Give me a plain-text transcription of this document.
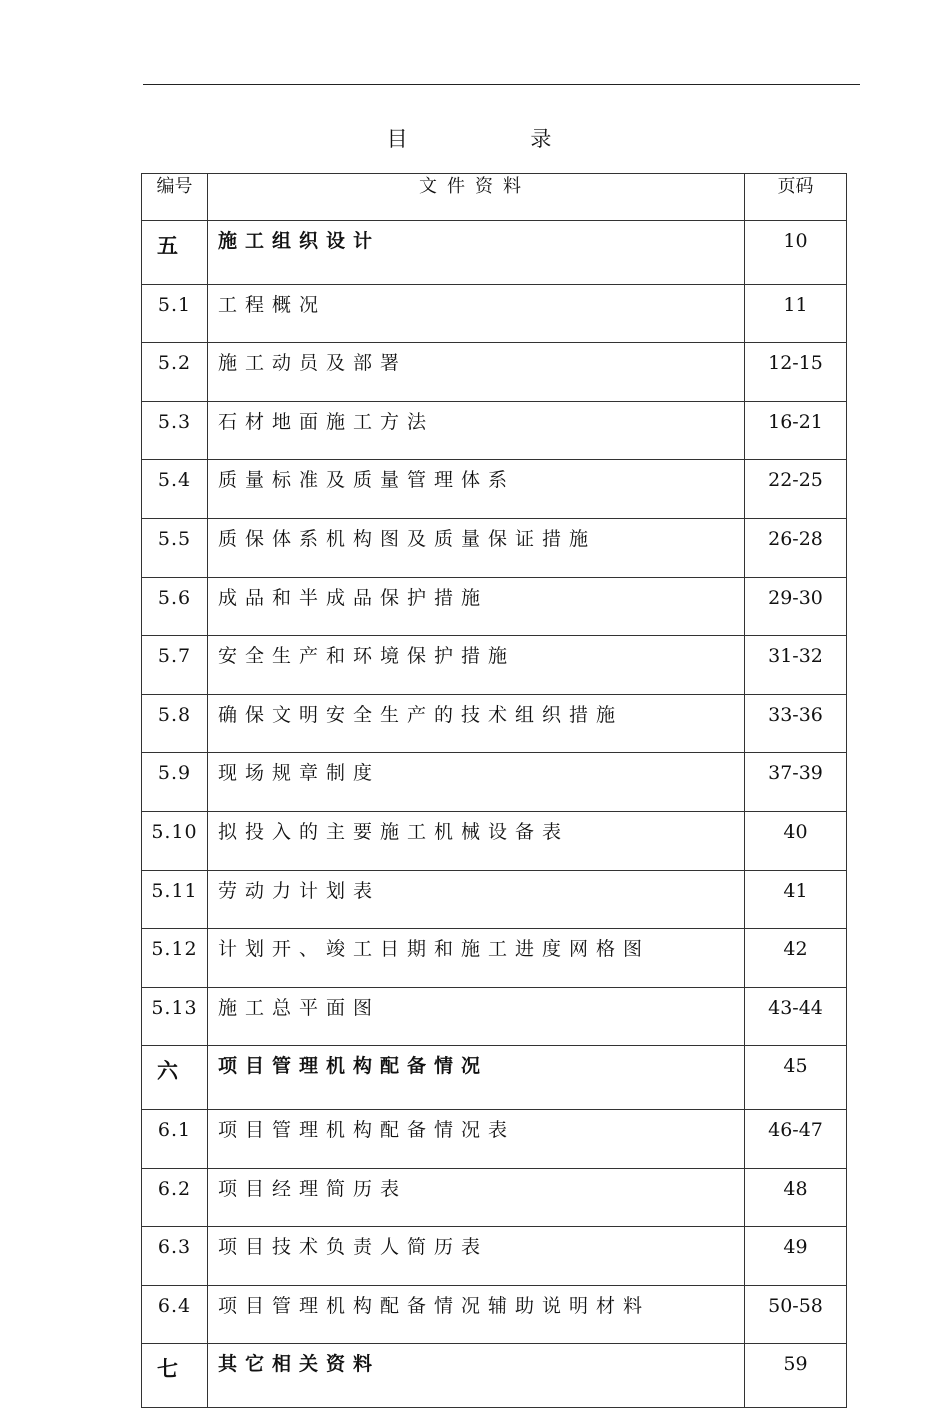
目 录
编号	文件资料	页码
五	施工组织设计	10
5.1	工程概况	11
5.2	施工动员及部署	12-15
5.3	石材地面施工方法	16-21
5.4	质量标准及质量管理体系	22-25
5.5	质保体系机构图及质量保证措施	26-28
5.6	成品和半成品保护措施	29-30
5.7	安全生产和环境保护措施	31-32
5.8	确保文明安全生产的技术组织措施	33-36
5.9	现场规章制度	37-39
5.10	拟投入的主要施工机械设备表	40
5.11	劳动力计划表	41
5.12	计划开、竣工日期和施工进度网格图	42
5.13	施工总平面图	43-44
六	项目管理机构配备情况	45
6.1	项目管理机构配备情况表	46-47
6.2	项目经理简历表	48
6.3	项目技术负责人简历表	49
6.4	项目管理机构配备情况辅助说明材料	50-58
七	其它相关资料	59
